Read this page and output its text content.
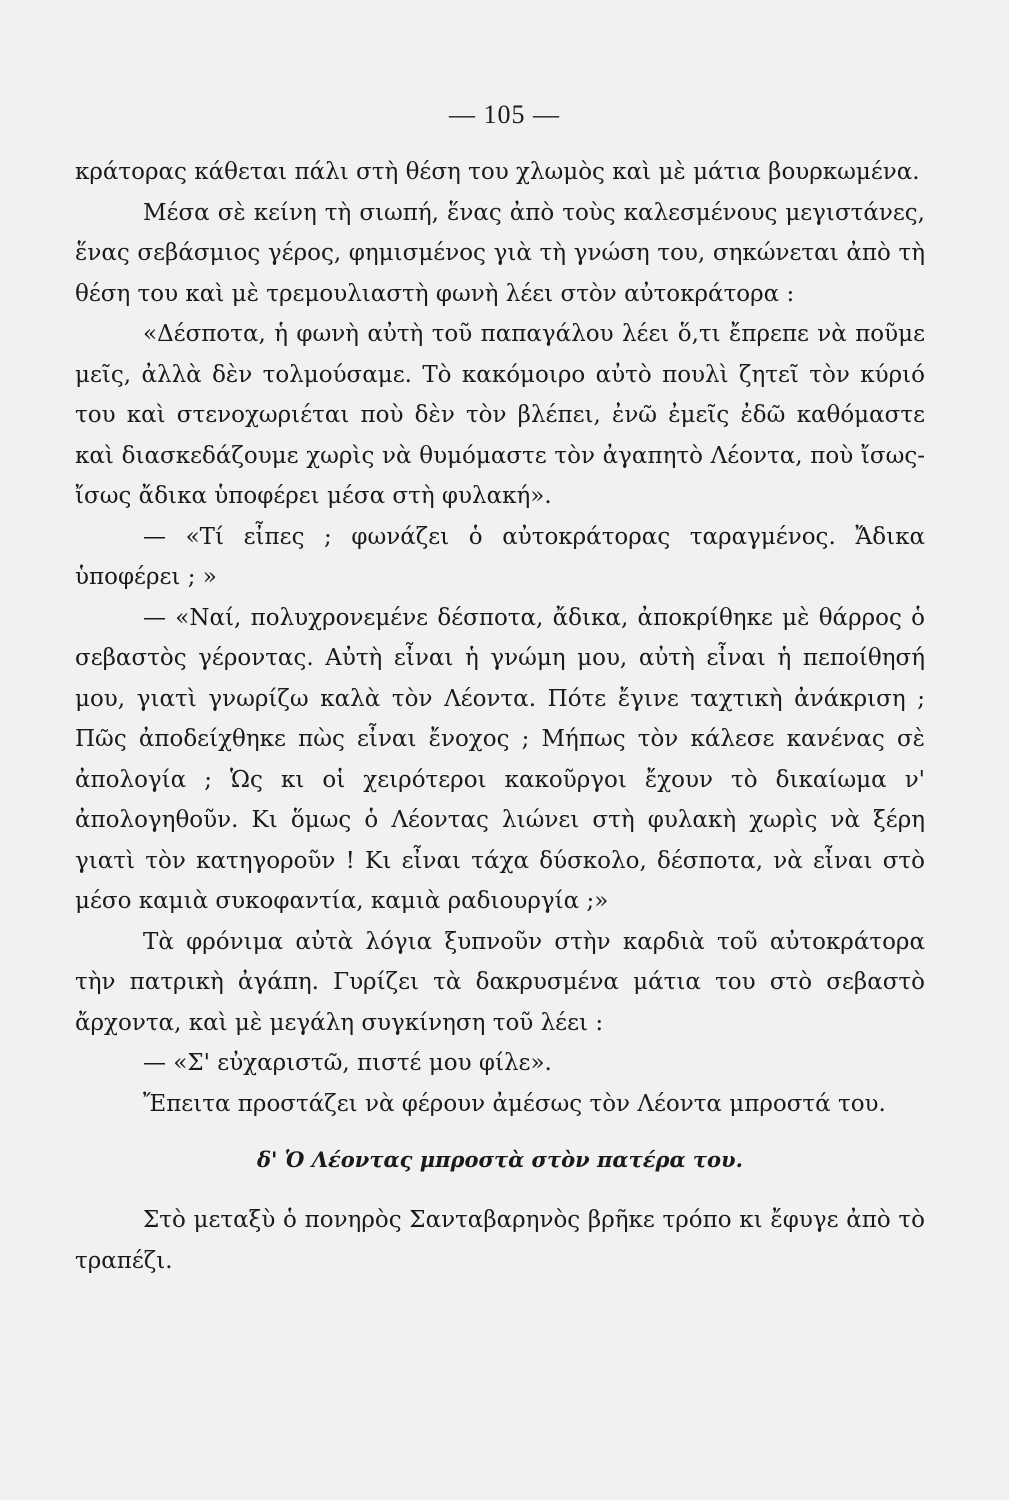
— 105 —

κράτορας κάθεται πάλι στὴ θέση του χλωμὸς καὶ μὲ μάτια βουρκωμένα.

Μέσα σὲ κείνη τὴ σιωπή, ἕνας ἀπὸ τοὺς καλεσμένους μεγιστάνες, ἕνας σεβάσμιος γέρος, φημισμένος γιὰ τὴ γνώση του, σηκώνεται ἀπὸ τὴ θέση του καὶ μὲ τρεμουλιαστὴ φωνὴ λέει στὸν αὐτοκράτορα :

«Δέσποτα, ἡ φωνὴ αὐτὴ τοῦ παπαγάλου λέει ὅ,τι ἔπρεπε νὰ ποῦμε μεῖς, ἀλλὰ δὲν τολμούσαμε. Τὸ κακόμοιρο αὐτὸ πουλὶ ζητεῖ τὸν κύριό του καὶ στενοχωριέται ποὺ δὲν τὸν βλέπει, ἐνῶ ἐμεῖς ἐδῶ καθόμαστε καὶ διασκεδάζουμε χωρὶς νὰ θυμόμαστε τὸν ἀγαπητὸ Λέοντα, ποὺ ἴσως-ἴσως ἄδικα ὑποφέρει μέσα στὴ φυλακή».

— «Τί εἶπες ; φωνάζει ὁ αὐτοκράτορας ταραγμένος. Ἄδικα ὑποφέρει ; »

— «Ναί, πολυχρονεμένε δέσποτα, ἄδικα, ἀποκρίθηκε μὲ θάρρος ὁ σεβαστὸς γέροντας. Αὐτὴ εἶναι ἡ γνώμη μου, αὐτὴ εἶναι ἡ πεποίθησή μου, γιατὶ γνωρίζω καλὰ τὸν Λέοντα. Πότε ἔγινε ταχτικὴ ἀνάκριση ; Πῶς ἀποδείχθηκε πὼς εἶναι ἔνοχος ; Μήπως τὸν κάλεσε κανένας σὲ ἀπολογία ; Ὡς κι οἱ χειρότεροι κακοῦργοι ἔχουν τὸ δικαίωμα ν' ἀπολογηθοῦν. Κι ὅμως ὁ Λέοντας λιώνει στὴ φυλακὴ χωρὶς νὰ ξέρη γιατὶ τὸν κατηγοροῦν ! Κι εἶναι τάχα δύσκολο, δέσποτα, νὰ εἶναι στὸ μέσο καμιὰ συκοφαντία, καμιὰ ραδιουργία ;»

Τὰ φρόνιμα αὐτὰ λόγια ξυπνοῦν στὴν καρδιὰ τοῦ αὐτοκράτορα τὴν πατρικὴ ἀγάπη. Γυρίζει τὰ δακρυσμένα μάτια του στὸ σεβαστὸ ἄρχοντα, καὶ μὲ μεγάλη συγκίνηση τοῦ λέει :

— «Σ' εὐχαριστῶ, πιστέ μου φίλε».

Ἔπειτα προστάζει νὰ φέρουν ἀμέσως τὸν Λέοντα μπροστά του.

δ' Ὁ Λέοντας μπροστὰ στὸν πατέρα του.

Στὸ μεταξὺ ὁ πονηρὸς Σανταβαρηνὸς βρῆκε τρόπο κι ἔφυγε ἀπὸ τὸ τραπέζι.
